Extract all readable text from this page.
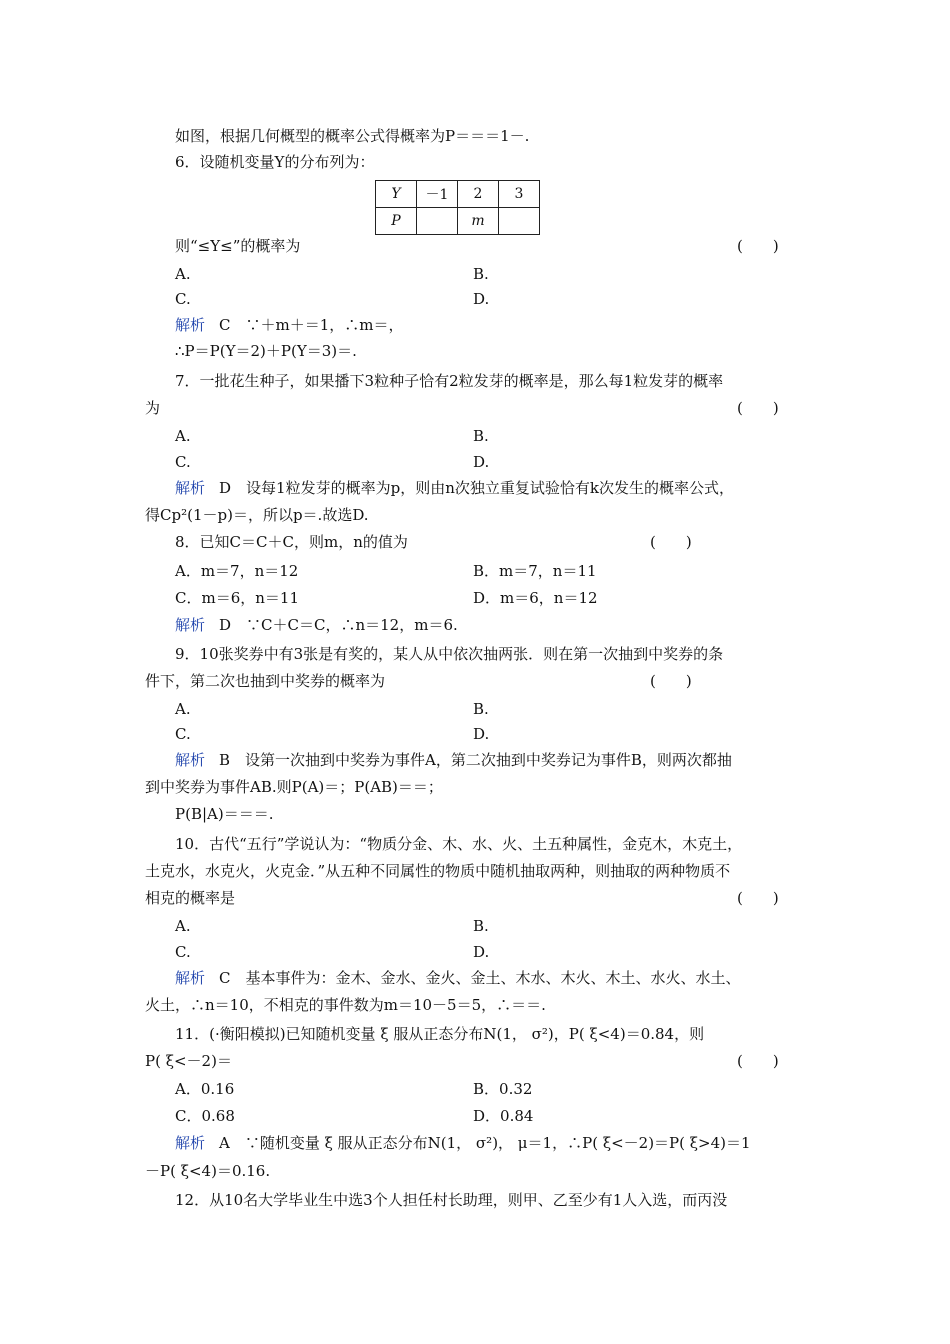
如图，根据几何概型的概率公式得概率为P＝＝＝1－.
6．设随机变量Y的分布列为：
Y	－1	2	3
P		m	
则“≤Y≤”的概率为	(　　)
A.	B.
C.	D.
解析 C　∵＋m＋＝1，∴m＝，
∴P＝P(Y＝2)＋P(Y＝3)＝.
7．一批花生种子，如果播下3粒种子恰有2粒发芽的概率是，那么每1粒发芽的概率
为	(　　)
A.	B.
C.	D.
解析 D　设每1粒发芽的概率为p，则由n次独立重复试验恰有k次发生的概率公式，
得Cp²(1－p)＝，所以p＝.故选D.
8．已知C＝C＋C，则m，n的值为	(　　)
A．m＝7，n＝12	B．m＝7，n＝11
C．m＝6，n＝11	D．m＝6，n＝12
解析 D　∵C＋C＝C，∴n＝12，m＝6.
9．10张奖券中有3张是有奖的，某人从中依次抽两张．则在第一次抽到中奖券的条
件下，第二次也抽到中奖券的概率为	(　　)
A.	B.
C.	D.
解析 B　设第一次抽到中奖券为事件A，第二次抽到中奖券记为事件B，则两次都抽
到中奖券为事件AB.则P(A)＝；P(AB)＝＝；
P(B|A)＝＝＝.
10．古代“五行”学说认为：“物质分金、木、水、火、土五种属性，金克木，木克土，
土克水，水克火，火克金．”从五种不同属性的物质中随机抽取两种，则抽取的两种物质不
相克的概率是	(　　)
A.	B.
C.	D.
解析 C　基本事件为：金木、金水、金火、金土、木水、木火、木土、水火、水土、
火土，∴n＝10，不相克的事件数为m＝10－5＝5，∴＝＝.
11．(·衡阳模拟)已知随机变量 ξ 服从正态分布N(1， σ²)，P( ξ<4)＝0.84，则
P( ξ<－2)＝	(　　)
A．0.16	B．0.32
C．0.68	D．0.84
解析 A　∵随机变量 ξ 服从正态分布N(1， σ²)， μ＝1，∴P( ξ<－2)＝P( ξ>4)＝1
－P( ξ<4)＝0.16.
12．从10名大学毕业生中选3个人担任村长助理，则甲、乙至少有1人入选，而丙没
